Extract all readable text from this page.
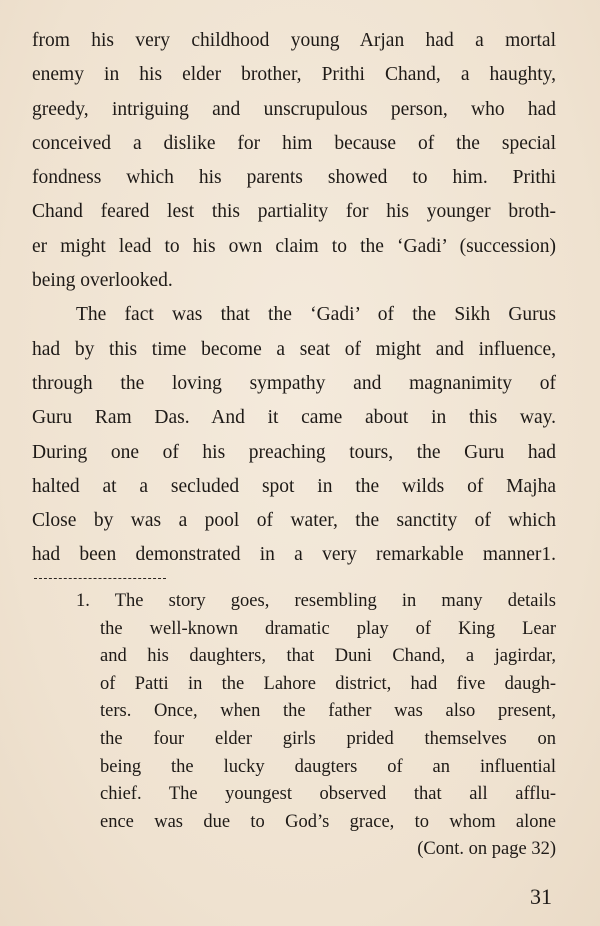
from his very childhood young Arjan had a mortal
enemy in his elder brother, Prithi Chand, a haughty,
greedy, intriguing and unscrupulous person, who had
conceived a dislike for him because of the special
fondness which his parents showed to him. Prithi
Chand feared lest this partiality for his younger broth-
er might lead to his own claim to the ‘Gadi’ (succession)
being overlooked.
The fact was that the ‘Gadi’ of the Sikh Gurus
had by this time become a seat of might and influence,
through the loving sympathy and magnanimity of
Guru Ram Das. And it came about in this way.
During one of his preaching tours, the Guru had
halted at a secluded spot in the wilds of Majha
Close by was a pool of water, the sanctity of which
had been demonstrated in a very remarkable manner1.
1. The story goes, resembling in many details
the well-known dramatic play of King Lear
and his daughters, that Duni Chand, a jagirdar,
of Patti in the Lahore district, had five daugh-
ters. Once, when the father was also present,
the four elder girls prided themselves on
being the lucky daugters of an influential
chief. The youngest observed that all afflu-
ence was due to God’s grace, to whom alone
(Cont. on page 32)
31
